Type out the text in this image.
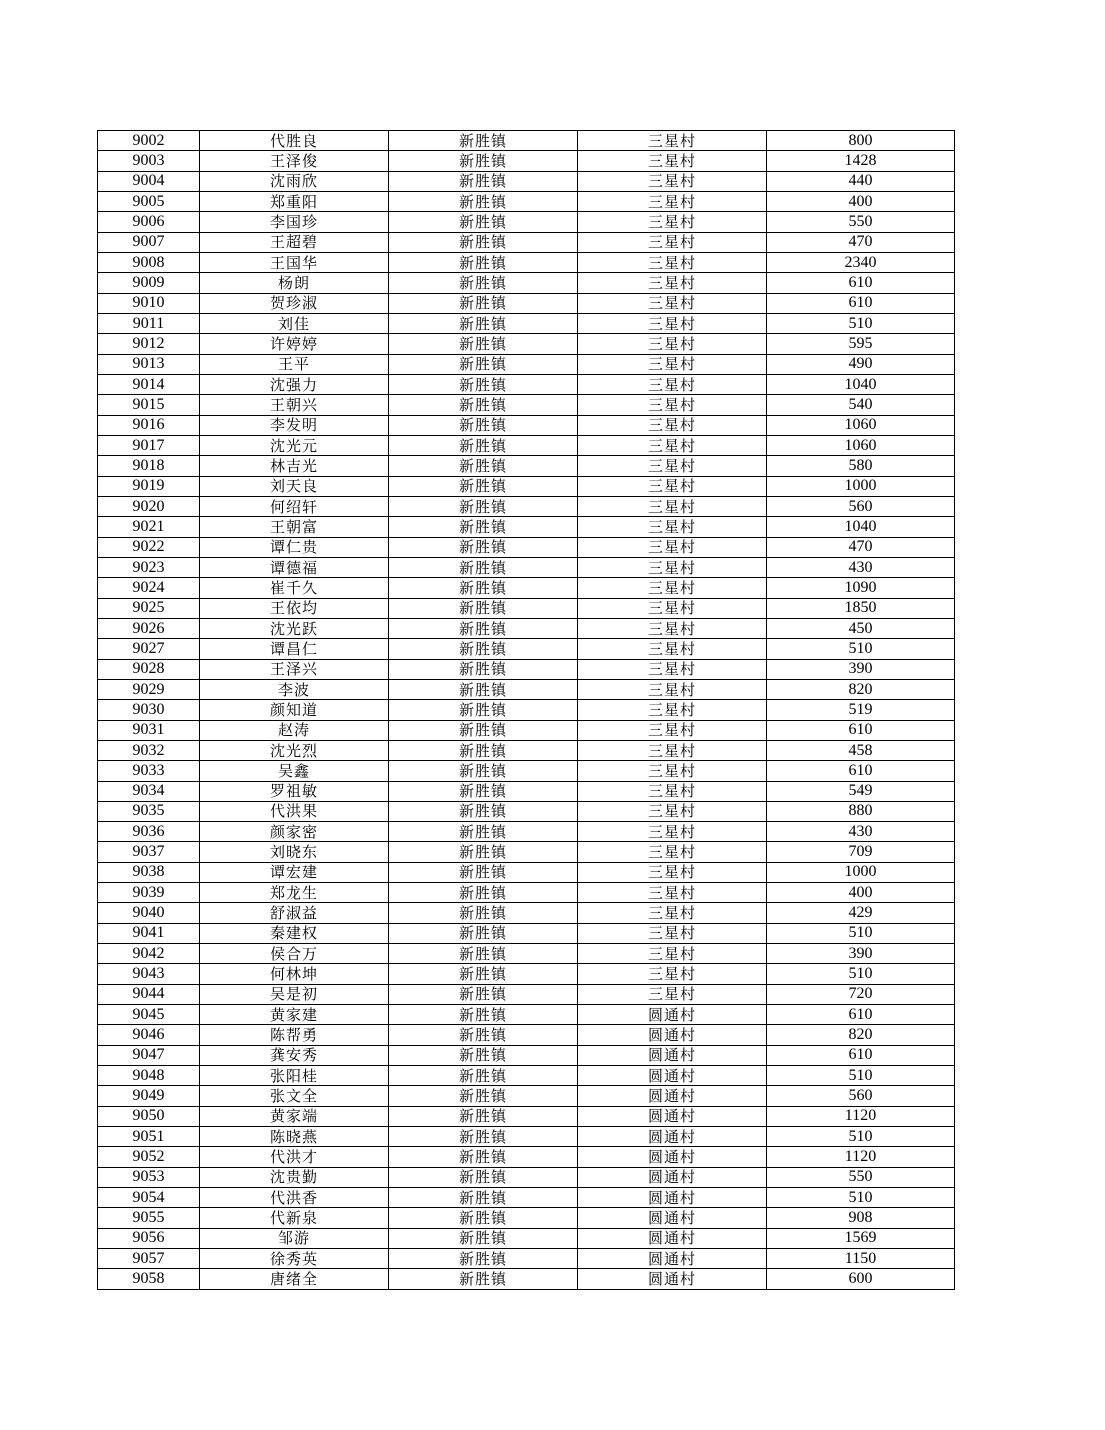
9002	代胜良	新胜镇	三星村	800
9003	王泽俊	新胜镇	三星村	1428
9004	沈雨欣	新胜镇	三星村	440
9005	郑重阳	新胜镇	三星村	400
9006	李国珍	新胜镇	三星村	550
9007	王超碧	新胜镇	三星村	470
9008	王国华	新胜镇	三星村	2340
9009	杨朗	新胜镇	三星村	610
9010	贺珍淑	新胜镇	三星村	610
9011	刘佳	新胜镇	三星村	510
9012	许婷婷	新胜镇	三星村	595
9013	王平	新胜镇	三星村	490
9014	沈强力	新胜镇	三星村	1040
9015	王朝兴	新胜镇	三星村	540
9016	李发明	新胜镇	三星村	1060
9017	沈光元	新胜镇	三星村	1060
9018	林吉光	新胜镇	三星村	580
9019	刘天良	新胜镇	三星村	1000
9020	何绍轩	新胜镇	三星村	560
9021	王朝富	新胜镇	三星村	1040
9022	谭仁贵	新胜镇	三星村	470
9023	谭德福	新胜镇	三星村	430
9024	崔千久	新胜镇	三星村	1090
9025	王依均	新胜镇	三星村	1850
9026	沈光跃	新胜镇	三星村	450
9027	谭昌仁	新胜镇	三星村	510
9028	王泽兴	新胜镇	三星村	390
9029	李波	新胜镇	三星村	820
9030	颜知道	新胜镇	三星村	519
9031	赵涛	新胜镇	三星村	610
9032	沈光烈	新胜镇	三星村	458
9033	吴鑫	新胜镇	三星村	610
9034	罗祖敏	新胜镇	三星村	549
9035	代洪果	新胜镇	三星村	880
9036	颜家密	新胜镇	三星村	430
9037	刘晓东	新胜镇	三星村	709
9038	谭宏建	新胜镇	三星村	1000
9039	郑龙生	新胜镇	三星村	400
9040	舒淑益	新胜镇	三星村	429
9041	秦建权	新胜镇	三星村	510
9042	侯合万	新胜镇	三星村	390
9043	何林坤	新胜镇	三星村	510
9044	吴是初	新胜镇	三星村	720
9045	黄家建	新胜镇	圆通村	610
9046	陈帮勇	新胜镇	圆通村	820
9047	龚安秀	新胜镇	圆通村	610
9048	张阳桂	新胜镇	圆通村	510
9049	张文全	新胜镇	圆通村	560
9050	黄家端	新胜镇	圆通村	1120
9051	陈晓燕	新胜镇	圆通村	510
9052	代洪才	新胜镇	圆通村	1120
9053	沈贵勤	新胜镇	圆通村	550
9054	代洪香	新胜镇	圆通村	510
9055	代新泉	新胜镇	圆通村	908
9056	邹游	新胜镇	圆通村	1569
9057	徐秀英	新胜镇	圆通村	1150
9058	唐绪全	新胜镇	圆通村	600
